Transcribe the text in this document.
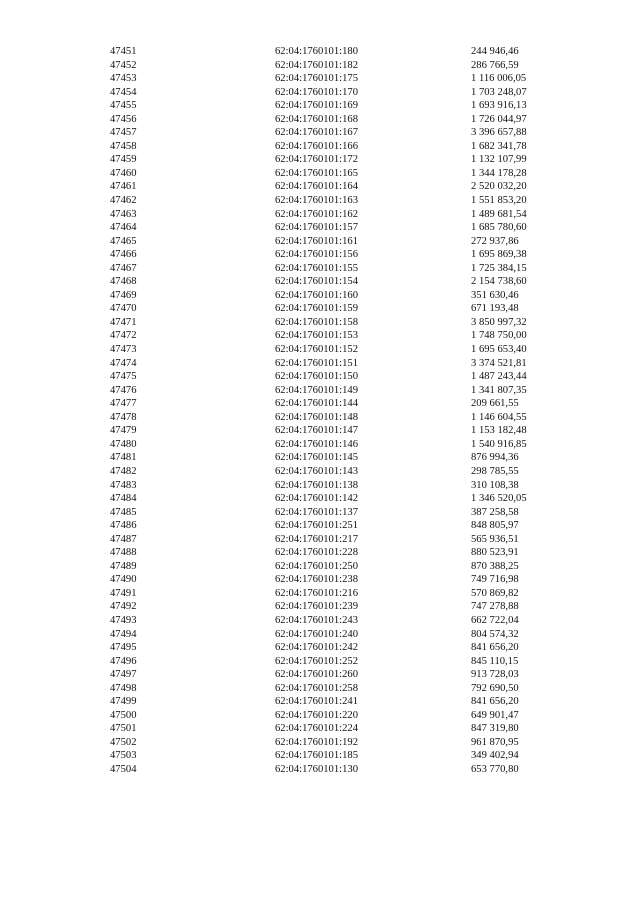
47451	62:04:1760101:180	244 946,46
47452	62:04:1760101:182	286 766,59
47453	62:04:1760101:175	1 116 006,05
47454	62:04:1760101:170	1 703 248,07
47455	62:04:1760101:169	1 693 916,13
47456	62:04:1760101:168	1 726 044,97
47457	62:04:1760101:167	3 396 657,88
47458	62:04:1760101:166	1 682 341,78
47459	62:04:1760101:172	1 132 107,99
47460	62:04:1760101:165	1 344 178,28
47461	62:04:1760101:164	2 520 032,20
47462	62:04:1760101:163	1 551 853,20
47463	62:04:1760101:162	1 489 681,54
47464	62:04:1760101:157	1 685 780,60
47465	62:04:1760101:161	272 937,86
47466	62:04:1760101:156	1 695 869,38
47467	62:04:1760101:155	1 725 384,15
47468	62:04:1760101:154	2 154 738,60
47469	62:04:1760101:160	351 630,46
47470	62:04:1760101:159	671 193,48
47471	62:04:1760101:158	3 850 997,32
47472	62:04:1760101:153	1 748 750,00
47473	62:04:1760101:152	1 695 653,40
47474	62:04:1760101:151	3 374 521,81
47475	62:04:1760101:150	1 487 243,44
47476	62:04:1760101:149	1 341 807,35
47477	62:04:1760101:144	209 661,55
47478	62:04:1760101:148	1 146 604,55
47479	62:04:1760101:147	1 153 182,48
47480	62:04:1760101:146	1 540 916,85
47481	62:04:1760101:145	876 994,36
47482	62:04:1760101:143	298 785,55
47483	62:04:1760101:138	310 108,38
47484	62:04:1760101:142	1 346 520,05
47485	62:04:1760101:137	387 258,58
47486	62:04:1760101:251	848 805,97
47487	62:04:1760101:217	565 936,51
47488	62:04:1760101:228	880 523,91
47489	62:04:1760101:250	870 388,25
47490	62:04:1760101:238	749 716,98
47491	62:04:1760101:216	570 869,82
47492	62:04:1760101:239	747 278,88
47493	62:04:1760101:243	662 722,04
47494	62:04:1760101:240	804 574,32
47495	62:04:1760101:242	841 656,20
47496	62:04:1760101:252	845 110,15
47497	62:04:1760101:260	913 728,03
47498	62:04:1760101:258	792 690,50
47499	62:04:1760101:241	841 656,20
47500	62:04:1760101:220	649 901,47
47501	62:04:1760101:224	847 319,80
47502	62:04:1760101:192	961 870,95
47503	62:04:1760101:185	349 402,94
47504	62:04:1760101:130	653 770,80
